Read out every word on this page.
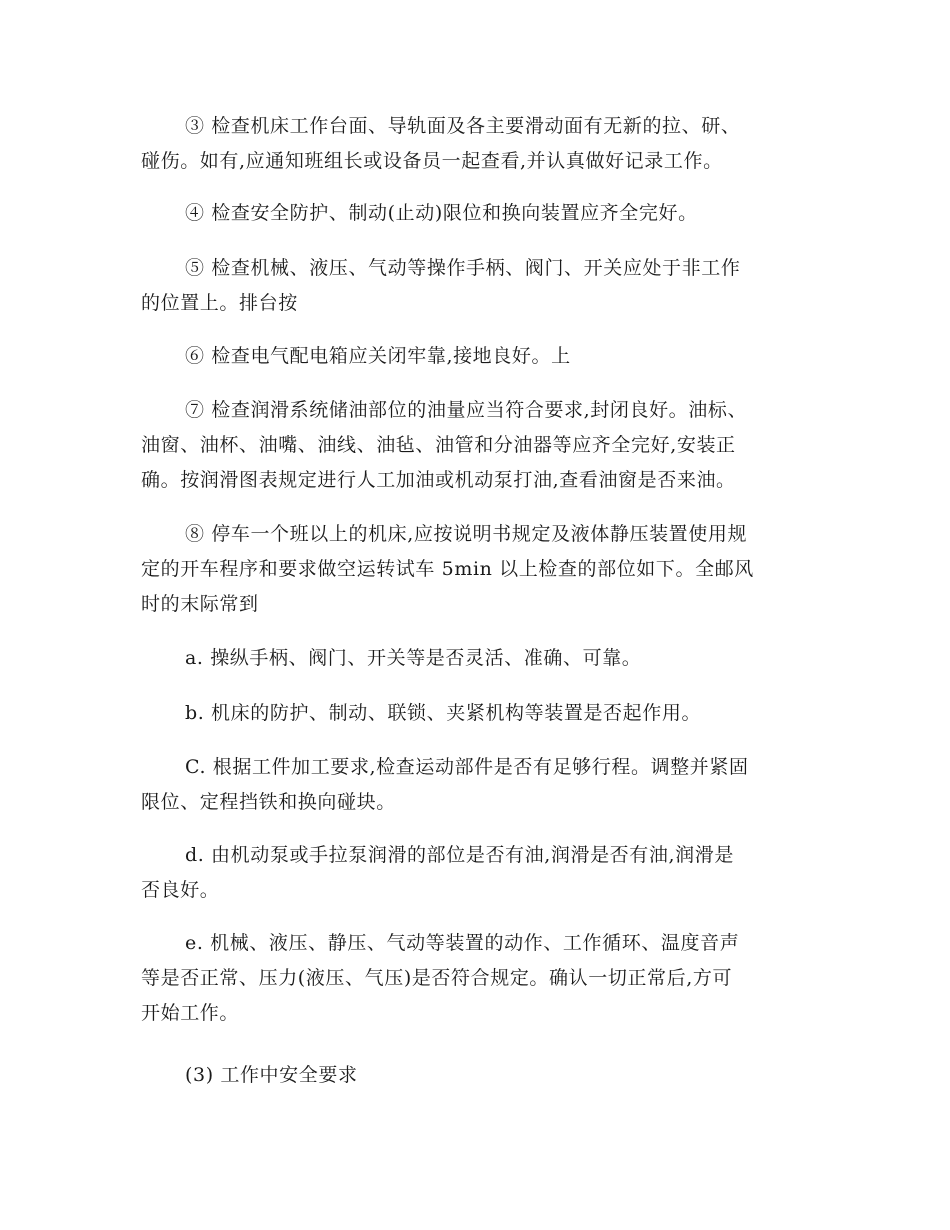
③ 检查机床工作台面、导轨面及各主要滑动面有无新的拉、研、
碰伤。如有,应通知班组长或设备员一起查看,并认真做好记录工作。

④ 检查安全防护、制动(止动)限位和换向装置应齐全完好。

⑤ 检查机械、液压、气动等操作手柄、阀门、开关应处于非工作
的位置上。排台按

⑥ 检查电气配电箱应关闭牢靠,接地良好。上

⑦ 检查润滑系统储油部位的油量应当符合要求,封闭良好。油标、
油窗、油杯、油嘴、油线、油毡、油管和分油器等应齐全完好,安装正
确。按润滑图表规定进行人工加油或机动泵打油,查看油窗是否来油。

⑧ 停车一个班以上的机床,应按说明书规定及液体静压装置使用规
定的开车程序和要求做空运转试车 5min 以上检查的部位如下。全邮风
时的末际常到

a. 操纵手柄、阀门、开关等是否灵活、准确、可靠。

b. 机床的防护、制动、联锁、夹紧机构等装置是否起作用。

C. 根据工件加工要求,检查运动部件是否有足够行程。调整并紧固
限位、定程挡铁和换向碰块。

d. 由机动泵或手拉泵润滑的部位是否有油,润滑是否有油,润滑是
否良好。

e. 机械、液压、静压、气动等装置的动作、工作循环、温度音声
等是否正常、压力(液压、气压)是否符合规定。确认一切正常后,方可
开始工作。

(3) 工作中安全要求
